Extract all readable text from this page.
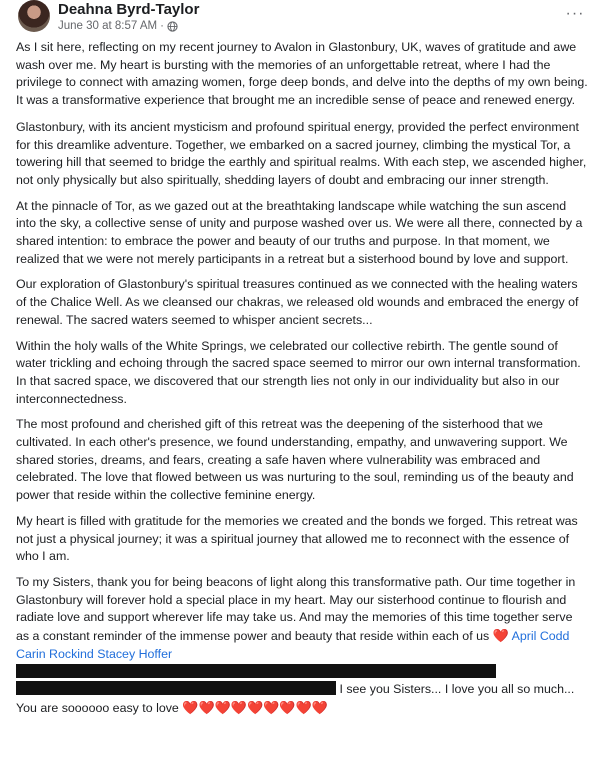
Deahna Byrd-Taylor
June 30 at 8:57 AM ·
···

As I sit here, reflecting on my recent journey to Avalon in Glastonbury, UK, waves of gratitude and awe wash over me. My heart is bursting with the memories of an unforgettable retreat, where I had the privilege to connect with amazing women, forge deep bonds, and delve into the depths of my own being. It was a transformative experience that brought me an incredible sense of peace and renewed energy.

Glastonbury, with its ancient mysticism and profound spiritual energy, provided the perfect environment for this dreamlike adventure. Together, we embarked on a sacred journey, climbing the mystical Tor, a towering hill that seemed to bridge the earthly and spiritual realms. With each step, we ascended higher, not only physically but also spiritually, shedding layers of doubt and embracing our inner strength.

At the pinnacle of Tor, as we gazed out at the breathtaking landscape while watching the sun ascend into the sky, a collective sense of unity and purpose washed over us. We were all there, connected by a shared intention: to embrace the power and beauty of our truths and purpose. In that moment, we realized that we were not merely participants in a retreat but a sisterhood bound by love and support.

Our exploration of Glastonbury's spiritual treasures continued as we connected with the healing waters of the Chalice Well. As we cleansed our chakras, we released old wounds and embraced the energy of renewal. The sacred waters seemed to whisper ancient secrets...

Within the holy walls of the White Springs, we celebrated our collective rebirth. The gentle sound of water trickling and echoing through the sacred space seemed to mirror our own internal transformation. In that sacred space, we discovered that our strength lies not only in our individuality but also in our interconnectedness.

The most profound and cherished gift of this retreat was the deepening of the sisterhood that we cultivated. In each other's presence, we found understanding, empathy, and unwavering support. We shared stories, dreams, and fears, creating a safe haven where vulnerability was embraced and celebrated. The love that flowed between us was nurturing to the soul, reminding us of the beauty and power that reside within the collective feminine energy.

My heart is filled with gratitude for the memories we created and the bonds we forged. This retreat was not just a physical journey; it was a spiritual journey that allowed me to reconnect with the essence of who I am.

To my Sisters, thank you for being beacons of light along this transformative path. Our time together in Glastonbury will forever hold a special place in my heart. May our sisterhood continue to flourish and radiate love and support wherever life may take us. And may the memories of this time together serve as a constant reminder of the immense power and beauty that reside within each of us ❤️ April Codd Carin Rockind Stacey Hoffer   I see you Sisters... I love you all so much... You are soooooo easy to love ❤️❤️❤️❤️❤️❤️❤️❤️❤️
